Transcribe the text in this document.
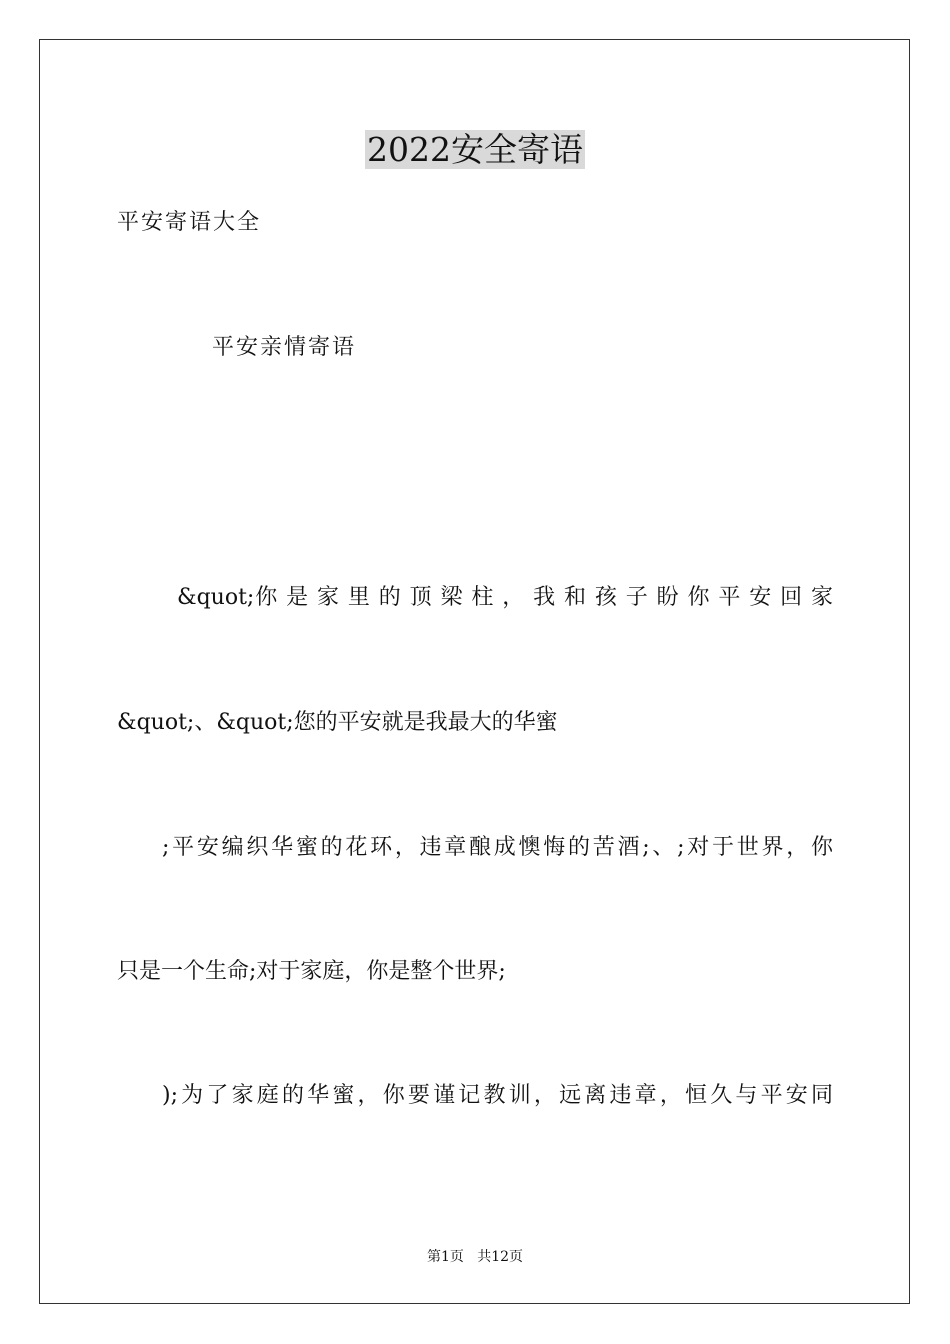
2022安全寄语
平安寄语大全
平安亲情寄语
&quot;你 是 家 里 的 顶 梁 柱 ， 我 和 孩 子 盼 你 平 安 回 家
&quot;、&quot;您的平安就是我最大的华蜜
;平安编织华蜜的花环，违章酿成懊悔的苦酒;、;对于世界，你
只是一个生命;对于家庭，你是整个世界;
);为了家庭的华蜜，你要谨记教训，远离违章，恒久与平安同
第1页   共12页
